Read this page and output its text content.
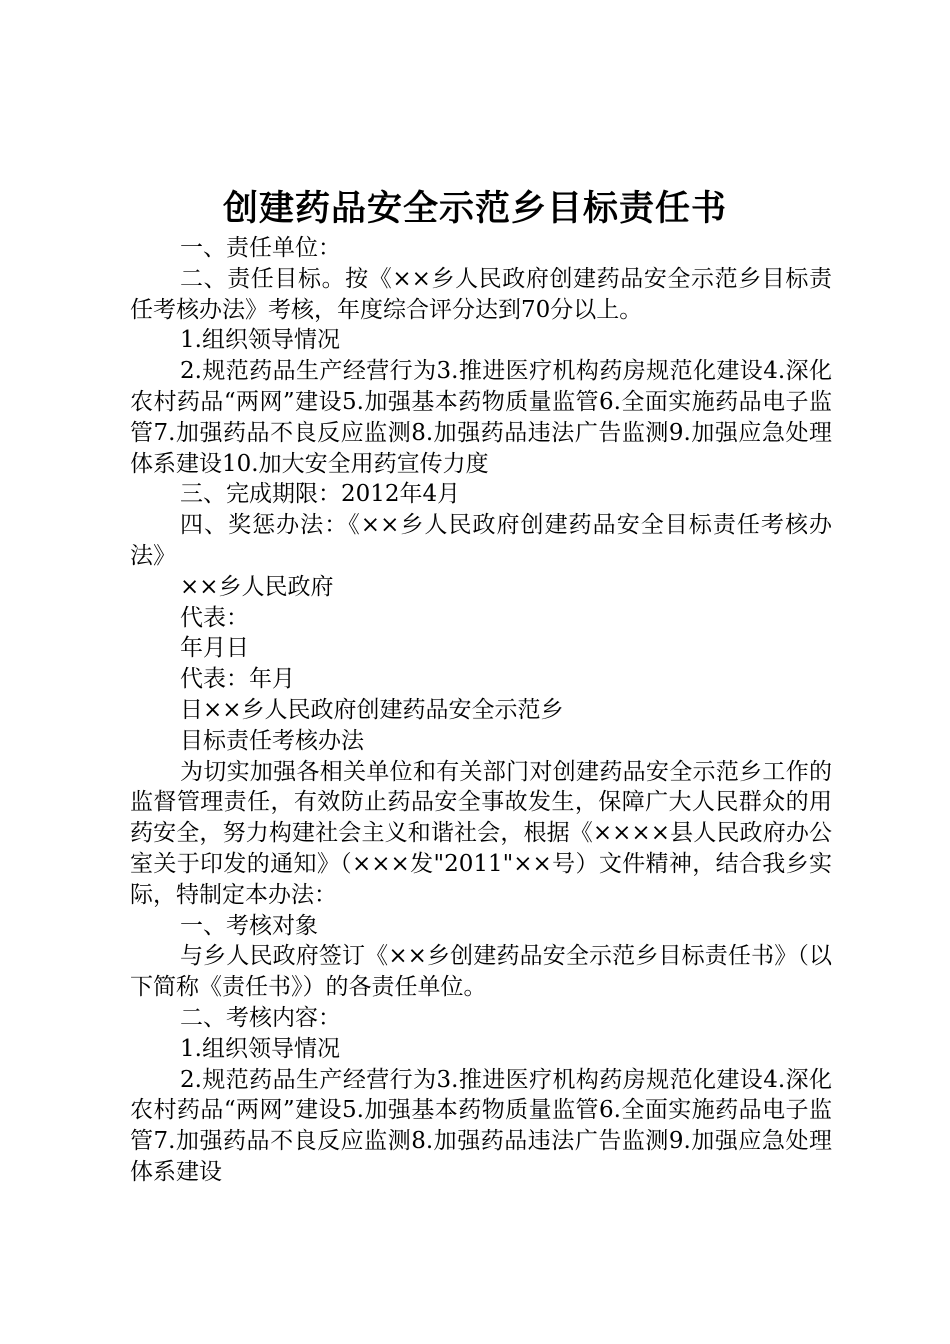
创建药品安全示范乡目标责任书

一、责任单位：

二、责任目标。按《××乡人民政府创建药品安全示范乡目标责任考核办法》考核，年度综合评分达到70分以上。

1.组织领导情况

2.规范药品生产经营行为3.推进医疗机构药房规范化建设4.深化农村药品“两网”建设5.加强基本药物质量监管6.全面实施药品电子监管7.加强药品不良反应监测8.加强药品违法广告监测9.加强应急处理体系建设10.加大安全用药宣传力度

三、完成期限：2012年4月

四、奖惩办法：《××乡人民政府创建药品安全目标责任考核办法》

××乡人民政府

代表：

年月日

代表：年月

日××乡人民政府创建药品安全示范乡

目标责任考核办法

为切实加强各相关单位和有关部门对创建药品安全示范乡工作的监督管理责任，有效防止药品安全事故发生，保障广大人民群众的用药安全，努力构建社会主义和谐社会，根据《××××县人民政府办公室关于印发的通知》（×××发"2011"××号）文件精神，结合我乡实际，特制定本办法：

一、考核对象

与乡人民政府签订《××乡创建药品安全示范乡目标责任书》（以下简称《责任书》）的各责任单位。

二、考核内容：

1.组织领导情况

2.规范药品生产经营行为3.推进医疗机构药房规范化建设4.深化农村药品“两网”建设5.加强基本药物质量监管6.全面实施药品电子监管7.加强药品不良反应监测8.加强药品违法广告监测9.加强应急处理体系建设
